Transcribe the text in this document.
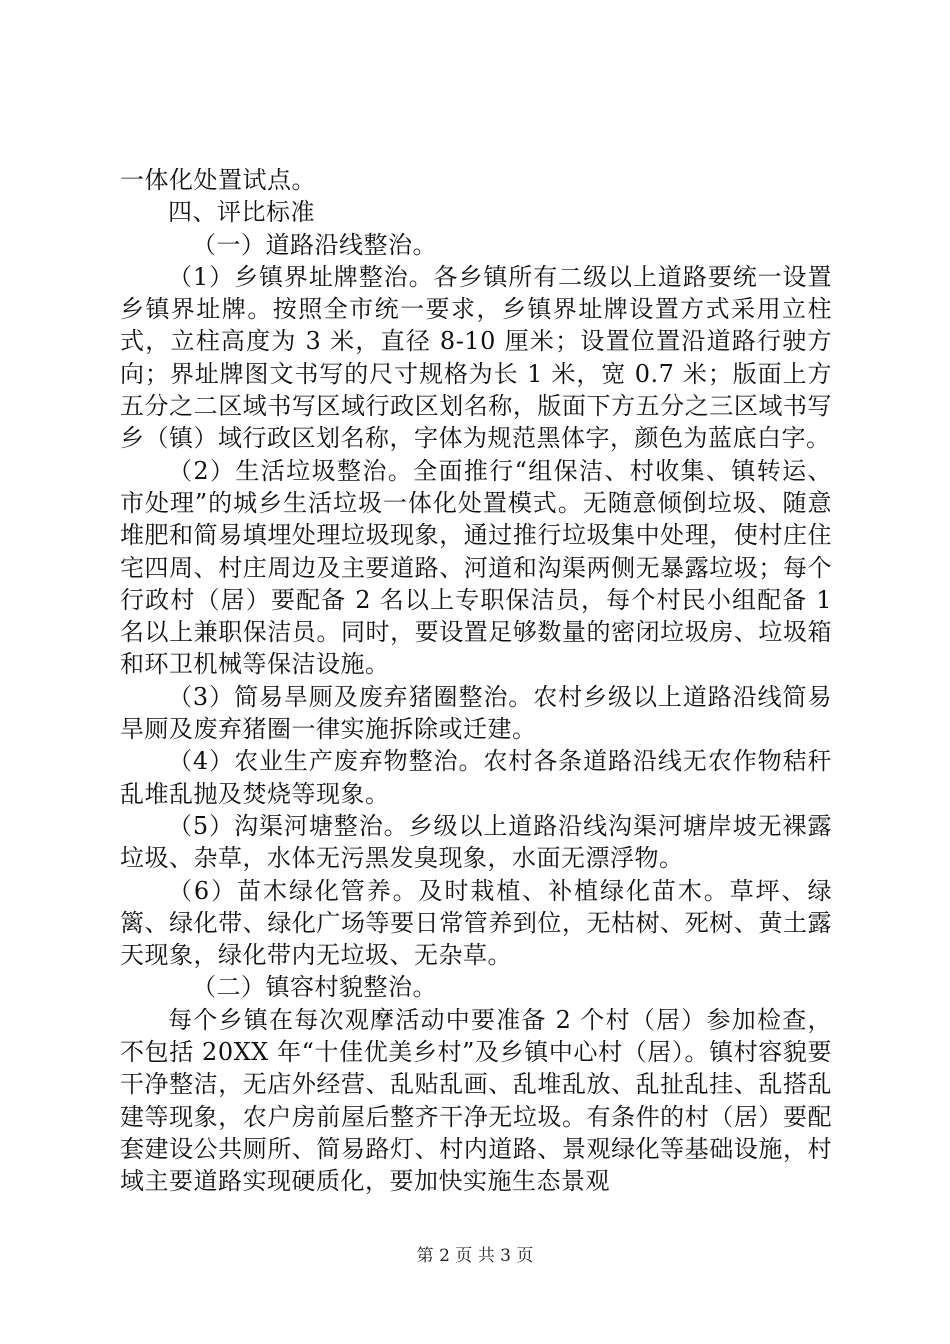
一体化处置试点。

四、评比标准

（一）道路沿线整治。

（1）乡镇界址牌整治。各乡镇所有二级以上道路要统一设置乡镇界址牌。按照全市统一要求，乡镇界址牌设置方式采用立柱式，立柱高度为 3 米，直径 8-10 厘米；设置位置沿道路行驶方向；界址牌图文书写的尺寸规格为长 1 米，宽 0.7 米；版面上方五分之二区域书写区域行政区划名称，版面下方五分之三区域书写乡（镇）域行政区划名称，字体为规范黑体字，颜色为蓝底白字。

（2）生活垃圾整治。全面推行“组保洁、村收集、镇转运、市处理”的城乡生活垃圾一体化处置模式。无随意倾倒垃圾、随意堆肥和简易填埋处理垃圾现象，通过推行垃圾集中处理，使村庄住宅四周、村庄周边及主要道路、河道和沟渠两侧无暴露垃圾；每个行政村（居）要配备 2 名以上专职保洁员，每个村民小组配备 1 名以上兼职保洁员。同时，要设置足够数量的密闭垃圾房、垃圾箱和环卫机械等保洁设施。

（3）简易旱厕及废弃猪圈整治。农村乡级以上道路沿线简易旱厕及废弃猪圈一律实施拆除或迁建。

（4）农业生产废弃物整治。农村各条道路沿线无农作物秸秆乱堆乱抛及焚烧等现象。

（5）沟渠河塘整治。乡级以上道路沿线沟渠河塘岸坡无裸露垃圾、杂草，水体无污黑发臭现象，水面无漂浮物。

（6）苗木绿化管养。及时栽植、补植绿化苗木。草坪、绿篱、绿化带、绿化广场等要日常管养到位，无枯树、死树、黄土露天现象，绿化带内无垃圾、无杂草。

（二）镇容村貌整治。

每个乡镇在每次观摩活动中要准备 2 个村（居）参加检查，不包括 20XX 年“十佳优美乡村”及乡镇中心村（居）。镇村容貌要干净整洁，无店外经营、乱贴乱画、乱堆乱放、乱扯乱挂、乱搭乱建等现象，农户房前屋后整齐干净无垃圾。有条件的村（居）要配套建设公共厕所、简易路灯、村内道路、景观绿化等基础设施，村域主要道路实现硬质化，要加快实施生态景观

第 2 页 共 3 页
